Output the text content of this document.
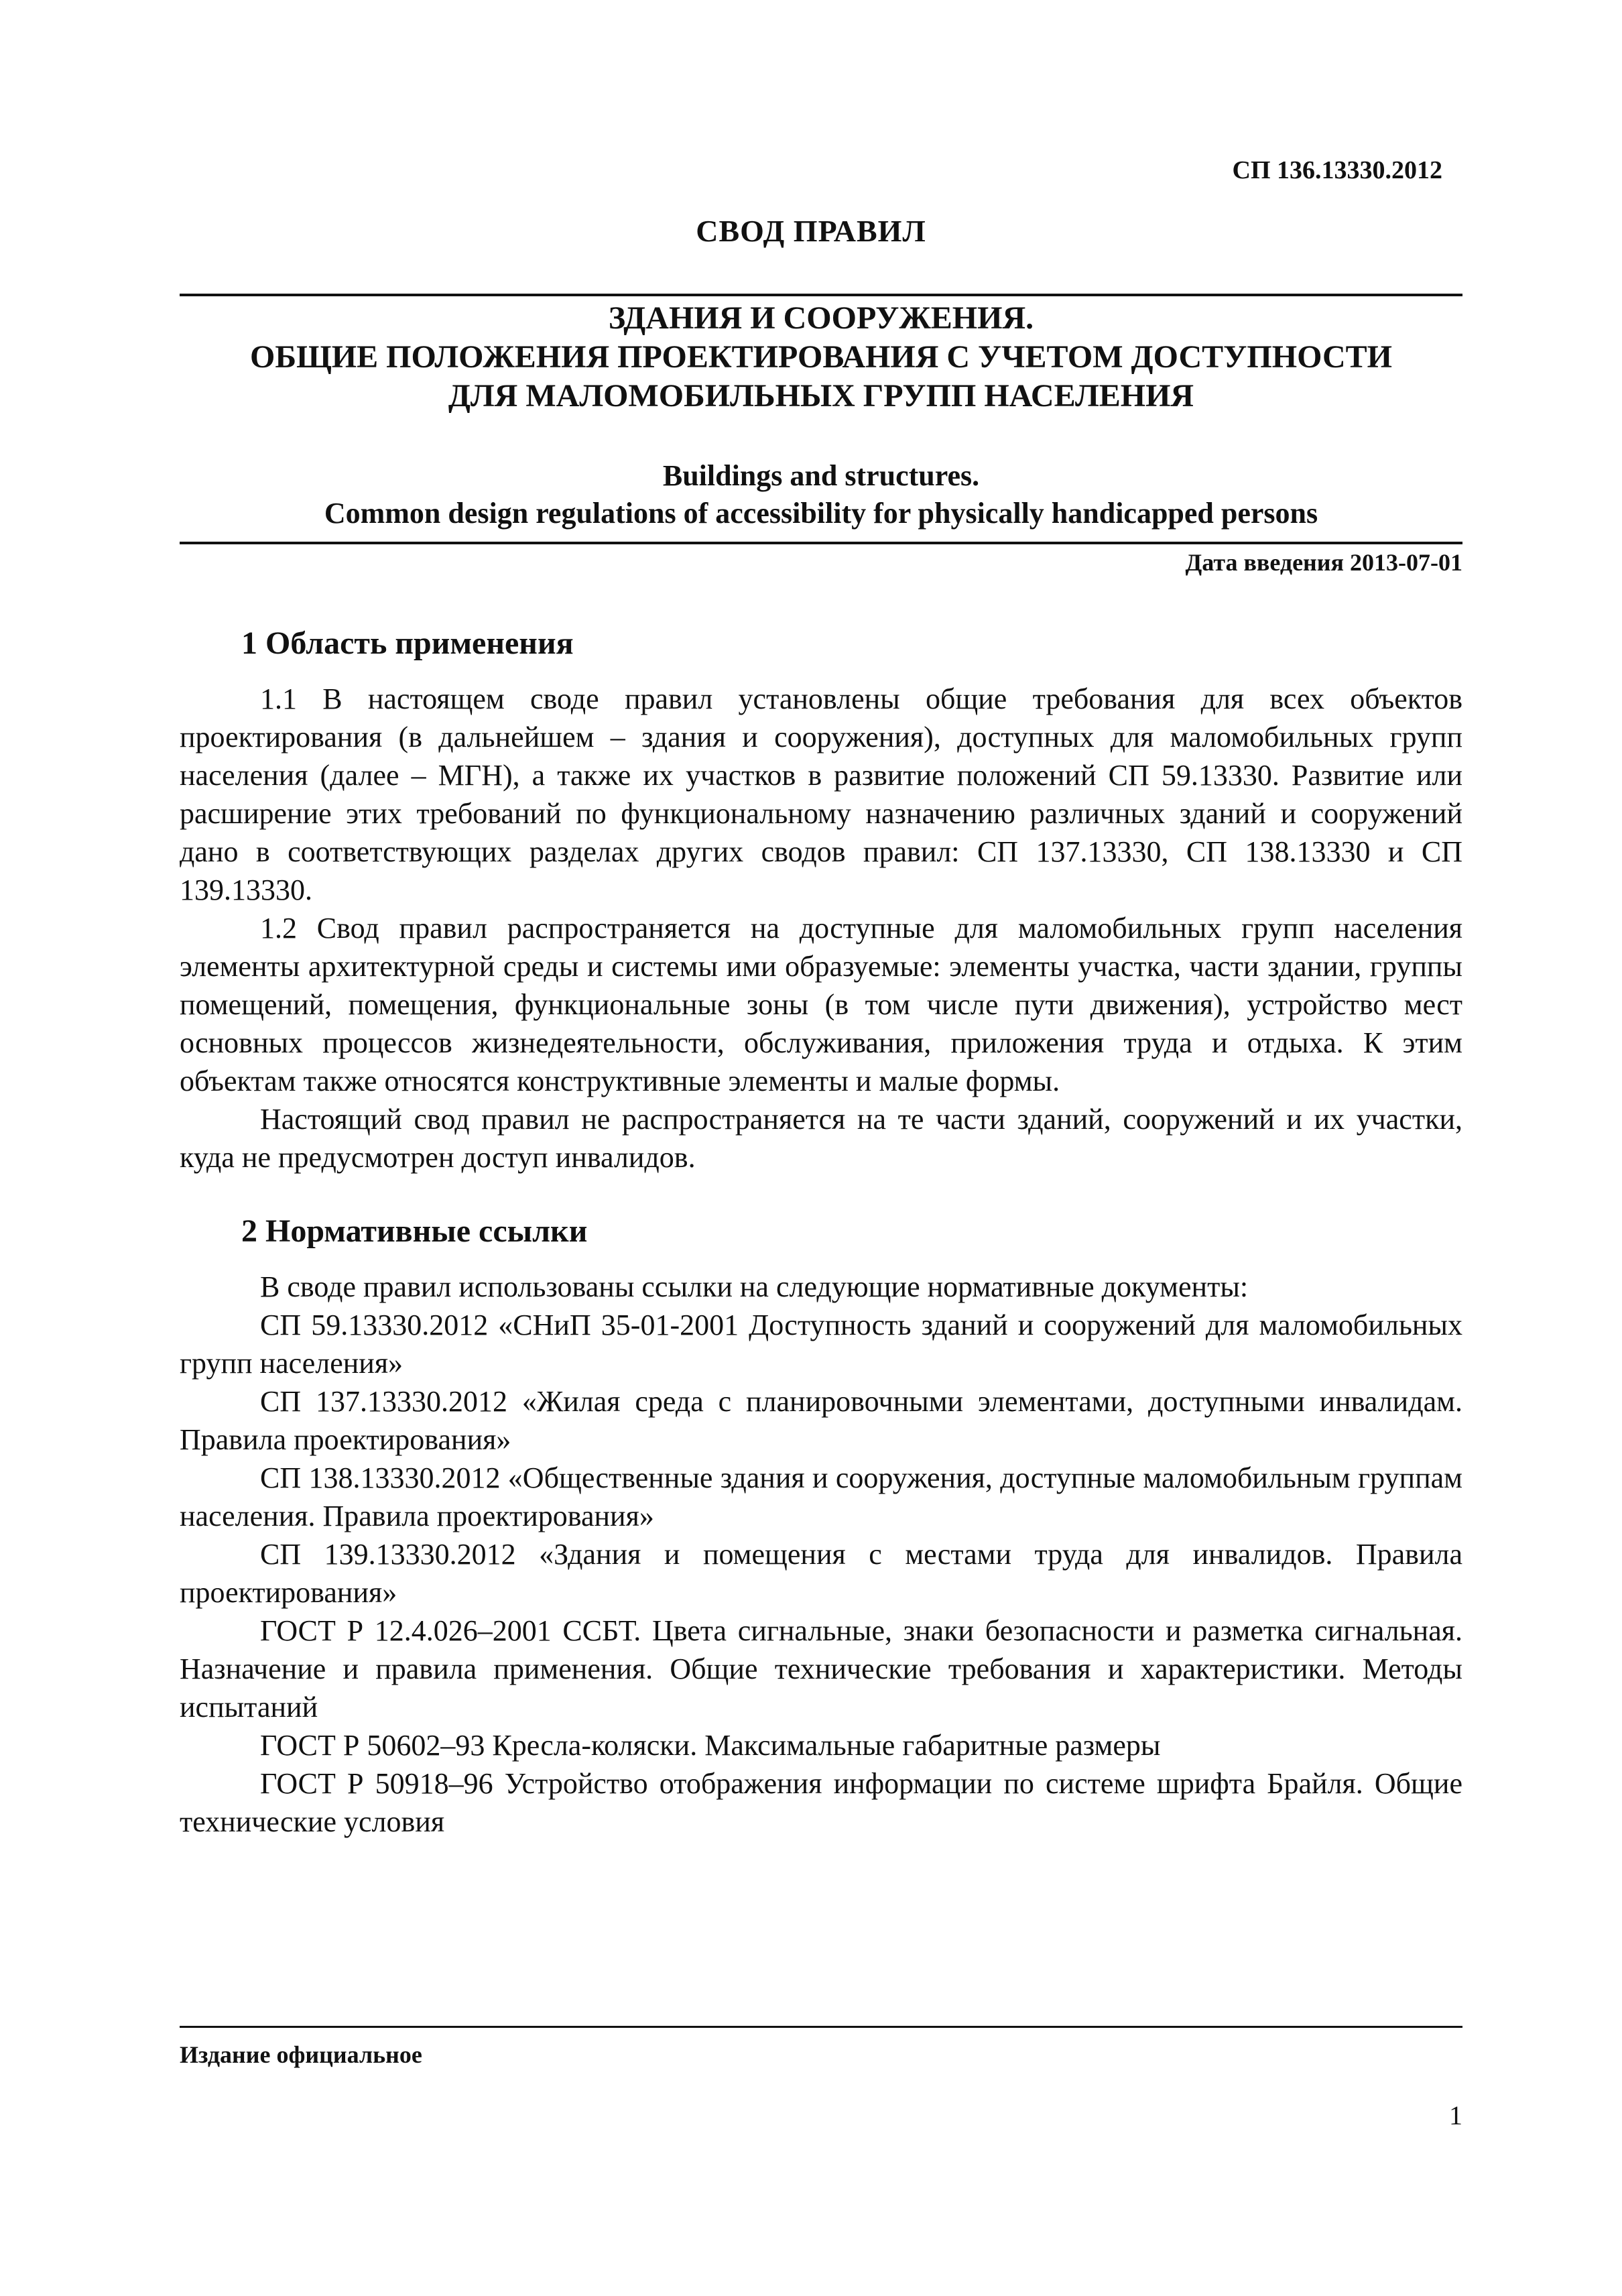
СП 136.13330.2012
СВОД ПРАВИЛ
ЗДАНИЯ И СООРУЖЕНИЯ.
ОБЩИЕ ПОЛОЖЕНИЯ ПРОЕКТИРОВАНИЯ С УЧЕТОМ ДОСТУПНОСТИ
ДЛЯ МАЛОМОБИЛЬНЫХ ГРУПП НАСЕЛЕНИЯ
Buildings and structures.
Common design regulations of accessibility for physically handicapped persons
Дата введения 2013-07-01
1 Область применения

1.1 В настоящем своде правил установлены общие требования для всех объектов проектирования (в дальнейшем – здания и сооружения), доступных для маломобильных групп населения (далее – МГН), а также их участков в развитие положений СП 59.13330. Развитие или расширение этих требований по функциональному назначению различных зданий и сооружений дано в соответствующих разделах других сводов правил: СП 137.13330, СП 138.13330 и СП 139.13330.

1.2 Свод правил распространяется на доступные для маломобильных групп населения элементы архитектурной среды и системы ими образуемые: элементы участка, части здании, группы помещений, помещения, функциональные зоны (в том числе пути движения), устройство мест основных процессов жизнедеятельности, обслуживания, приложения труда и отдыха. К этим объектам также относятся конструктивные элементы и малые формы.

Настоящий свод правил не распространяется на те части зданий, сооружений и их участки, куда не предусмотрен доступ инвалидов.

2 Нормативные ссылки

В своде правил использованы ссылки на следующие нормативные документы:

СП 59.13330.2012 «СНиП 35-01-2001 Доступность зданий и сооружений для маломобильных групп населения»

СП 137.13330.2012 «Жилая среда с планировочными элементами, доступными инвалидам. Правила проектирования»

СП 138.13330.2012 «Общественные здания и сооружения, доступные маломобильным группам населения. Правила проектирования»

СП 139.13330.2012 «Здания и помещения с местами труда для инвалидов. Правила проектирования»

ГОСТ Р 12.4.026–2001 ССБТ. Цвета сигнальные, знаки безопасности и разметка сигнальная. Назначение и правила применения. Общие технические требования и характеристики. Методы испытаний

ГОСТ Р 50602–93 Кресла-коляски. Максимальные габаритные размеры

ГОСТ Р 50918–96 Устройство отображения информации по системе шрифта Брайля. Общие технические условия

Издание официальное
1
